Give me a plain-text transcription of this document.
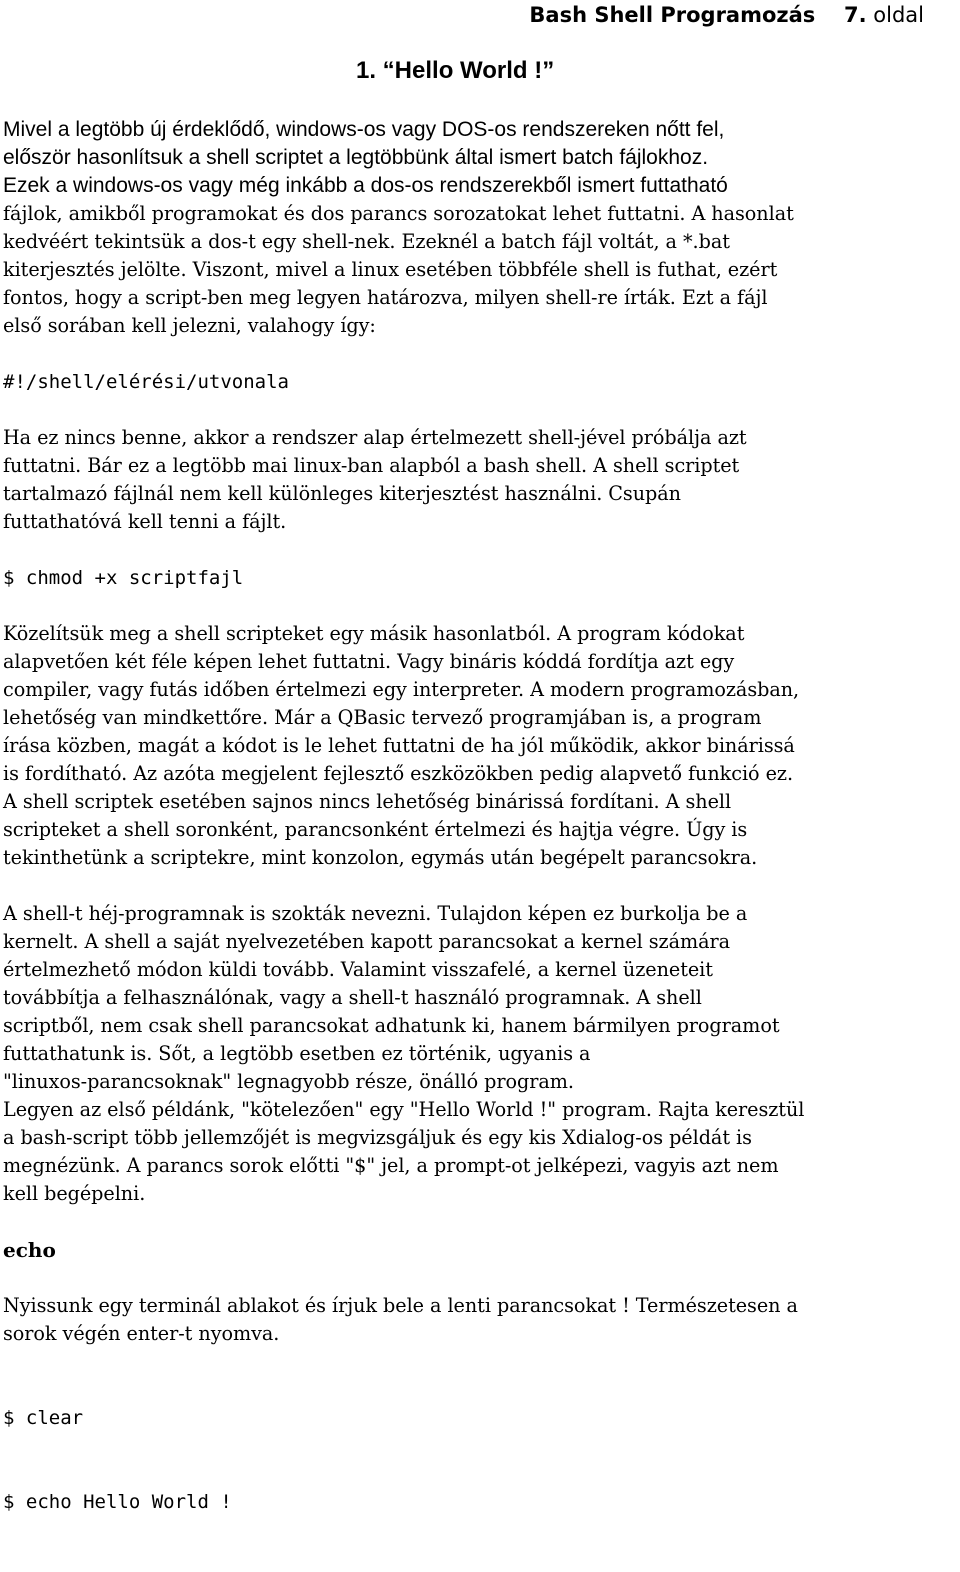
Bash Shell Programozás 7. oldal
1. “Hello World !”
Mivel a legtöbb új érdeklődő, windows-os vagy DOS-os rendszereken nőtt fel,
először hasonlítsuk a shell scriptet a legtöbbünk által ismert batch fájlokhoz.
Ezek a windows-os vagy még inkább a dos-os rendszerekből ismert futtatható
fájlok, amikből programokat és dos parancs sorozatokat lehet futtatni. A hasonlat
kedvéért tekintsük a dos-t egy shell-nek. Ezeknél a batch fájl voltát, a *.bat
kiterjesztés jelölte. Viszont, mivel a linux esetében többféle shell is futhat, ezért
fontos, hogy a script-ben meg legyen határozva, milyen shell-re írták. Ezt a fájl
első sorában kell jelezni, valahogy így:
#!/shell/elérési/utvonala
Ha ez nincs benne, akkor a rendszer alap értelmezett shell-jével próbálja azt
futtatni. Bár ez a legtöbb mai linux-ban alapból a bash shell. A shell scriptet
tartalmazó fájlnál nem kell különleges kiterjesztést használni. Csupán
futtathatóvá kell tenni a fájlt.
$ chmod +x scriptfajl
Közelítsük meg a shell scripteket egy másik hasonlatból. A program kódokat
alapvetően két féle képen lehet futtatni. Vagy bináris kóddá fordítja azt egy
compiler, vagy futás időben értelmezi egy interpreter. A modern programozásban,
lehetőség van mindkettőre. Már a QBasic tervező programjában is, a program
írása közben, magát a kódot is le lehet futtatni de ha jól működik, akkor binárissá
is fordítható. Az azóta megjelent fejlesztő eszközökben pedig alapvető funkció ez.
A shell scriptek esetében sajnos nincs lehetőség binárissá fordítani. A shell
scripteket a shell soronként, parancsonként értelmezi és hajtja végre. Úgy is
tekinthetünk a scriptekre, mint konzolon, egymás után begépelt parancsokra.
A shell-t héj-programnak is szokták nevezni. Tulajdon képen ez burkolja be a
kernelt. A shell a saját nyelvezetében kapott parancsokat a kernel számára
értelmezhető módon küldi tovább. Valamint visszafelé, a kernel üzeneteit
továbbítja a felhasználónak, vagy a shell-t használó programnak. A shell
scriptből, nem csak shell parancsokat adhatunk ki, hanem bármilyen programot
futtathatunk is. Sőt, a legtöbb esetben ez történik, ugyanis a
"linuxos-parancsoknak" legnagyobb része, önálló program.
Legyen az első példánk, "kötelezően" egy "Hello World !" program. Rajta keresztül
a bash-script több jellemzőjét is megvizsgáljuk és egy kis Xdialog-os példát is
megnézünk. A parancs sorok előtti "$" jel, a prompt-ot jelképezi, vagyis azt nem
kell begépelni.
echo
Nyissunk egy terminál ablakot és írjuk bele a lenti parancsokat ! Természetesen a
sorok végén enter-t nyomva.

$ clear

$ echo Hello World !
